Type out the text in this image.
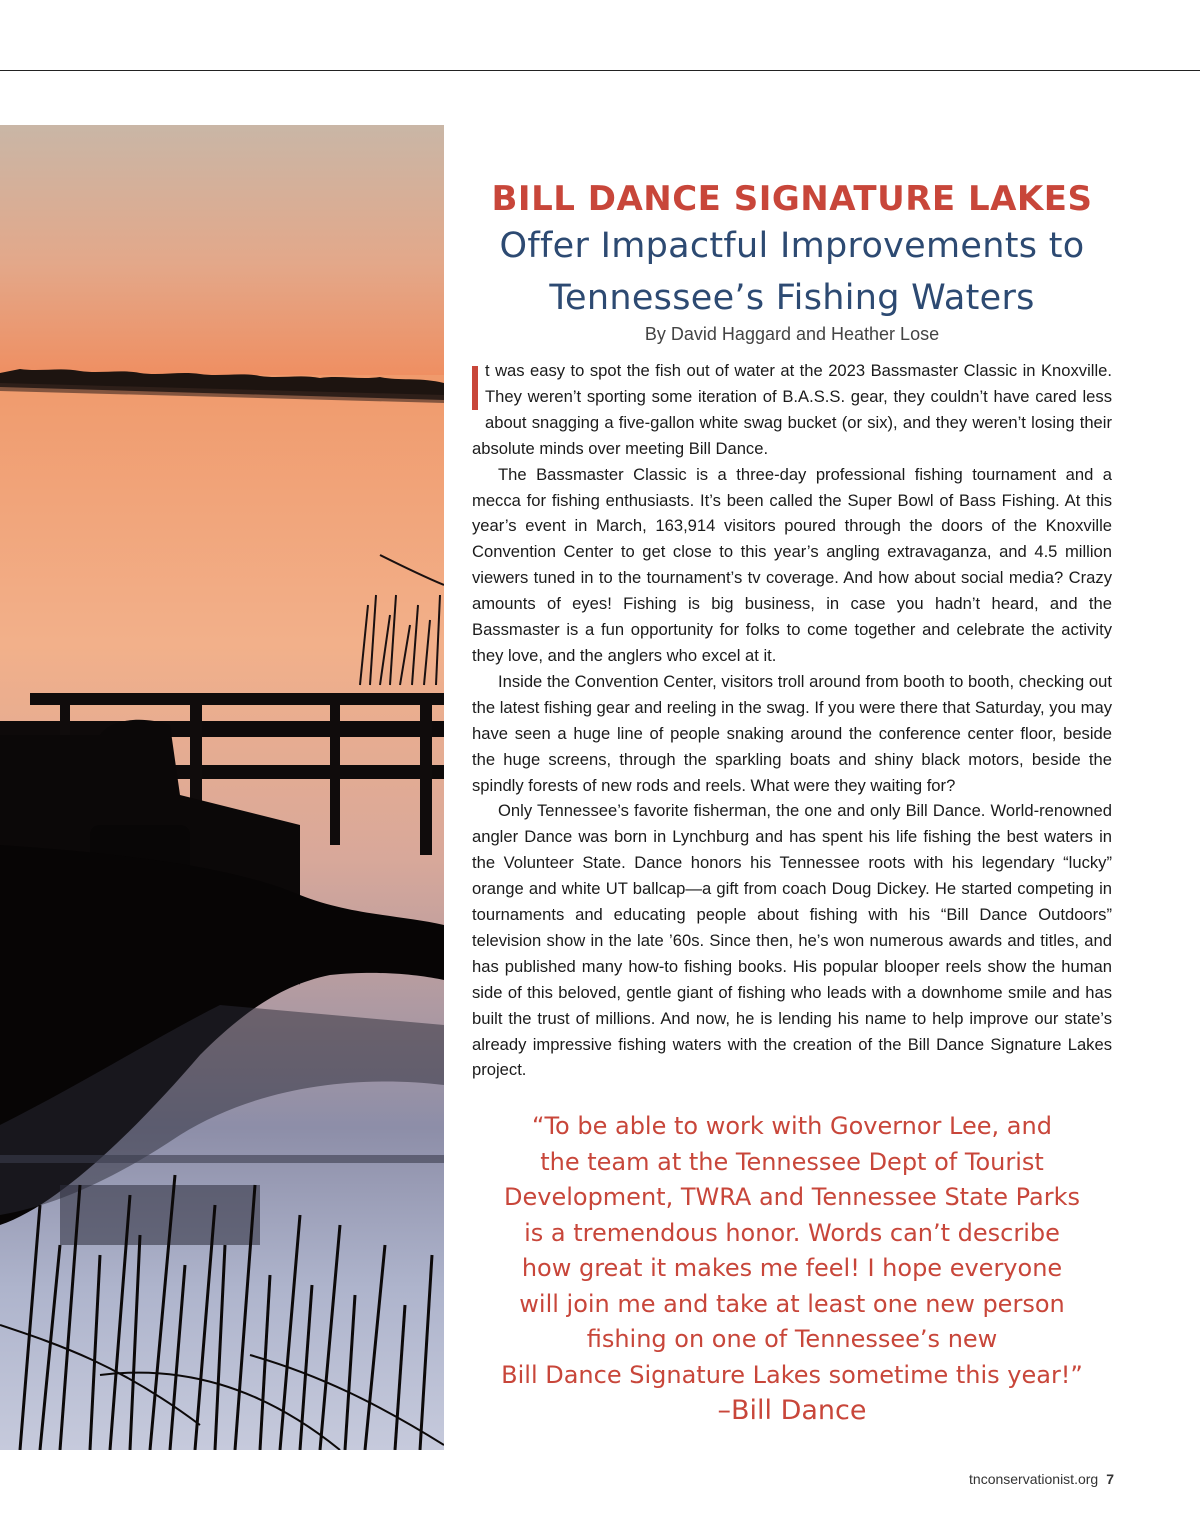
BILL DANCE SIGNATURE LAKES
Offer Impactful Improvements to
Tennessee’s Fishing Waters

By David Haggard and Heather Lose

t was easy to spot the fish out of water at the 2023 Bassmaster Classic in Knoxville. They weren’t sporting some iteration of B.A.S.S. gear, they couldn’t have cared less about snagging a five-gallon white swag bucket (or six), and they weren’t losing their absolute minds over meeting Bill Dance.

The Bassmaster Classic is a three-day professional fishing tournament and a mecca for fishing enthusiasts. It’s been called the Super Bowl of Bass Fishing. At this year’s event in March, 163,914 visitors poured through the doors of the Knoxville Convention Center to get close to this year’s angling extravaganza, and 4.5 million viewers tuned in to the tournament’s tv coverage. And how about social media? Crazy amounts of eyes! Fishing is big business, in case you hadn’t heard, and the Bassmaster is a fun opportunity for folks to come together and celebrate the activity they love, and the anglers who excel at it.

Inside the Convention Center, visitors troll around from booth to booth, checking out the latest fishing gear and reeling in the swag. If you were there that Saturday, you may have seen a huge line of people snaking around the conference center floor, beside the huge screens, through the sparkling boats and shiny black motors, beside the spindly forests of new rods and reels. What were they waiting for?

Only Tennessee’s favorite fisherman, the one and only Bill Dance. World-renowned angler Dance was born in Lynchburg and has spent his life fishing the best waters in the Volunteer State. Dance honors his Tennessee roots with his legendary “lucky” orange and white UT ballcap—a gift from coach Doug Dickey. He started competing in tournaments and educating people about fishing with his “Bill Dance Outdoors” television show in the late ’60s. Since then, he’s won numerous awards and titles, and has published many how-to fishing books. His popular blooper reels show the human side of this beloved, gentle giant of fishing who leads with a downhome smile and has built the trust of millions. And now, he is lending his name to help improve our state’s already impressive fishing waters with the creation of the Bill Dance Signature Lakes project.

“To be able to work with Governor Lee, and
the team at the Tennessee Dept of Tourist
Development, TWRA and Tennessee State Parks
is a tremendous honor. Words can’t describe
how great it makes me feel! I hope everyone
will join me and take at least one new person
fishing on one of Tennessee’s new
Bill Dance Signature Lakes sometime this year!”
–Bill Dance
tnconservationist.org 7
